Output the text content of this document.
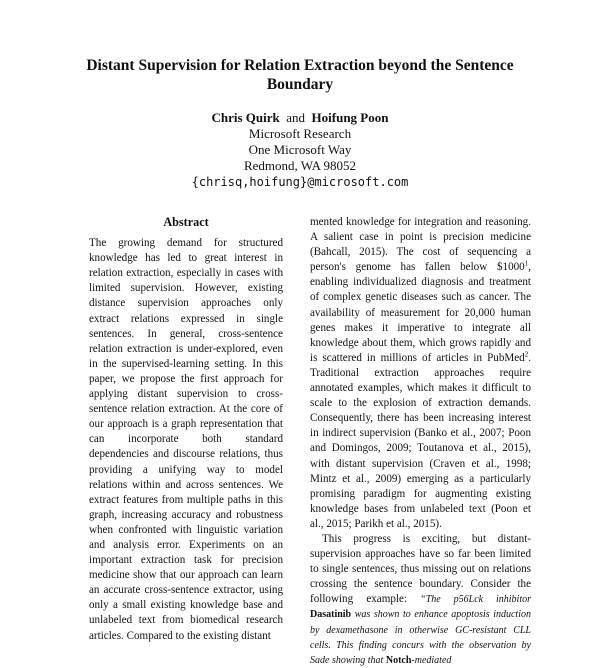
Distant Supervision for Relation Extraction beyond the Sentence Boundary
Chris Quirk and Hoifung Poon
Microsoft Research
One Microsoft Way
Redmond, WA 98052
{chrisq,hoifung}@microsoft.com
Abstract

The growing demand for structured knowledge has led to great interest in relation extraction, especially in cases with limited supervision. However, existing distance supervision approaches only extract relations expressed in single sentences. In general, cross-sentence relation extraction is under-explored, even in the supervised-learning setting. In this paper, we propose the first approach for applying distant supervision to cross-sentence relation extraction. At the core of our approach is a graph representation that can incorporate both standard dependencies and discourse relations, thus providing a unifying way to model relations within and across sentences. We extract features from multiple paths in this graph, increasing accuracy and robustness when confronted with linguistic variation and analysis error. Experiments on an important extraction task for precision medicine show that our approach can learn an accurate cross-sentence extractor, using only a small existing knowledge base and unlabeled text from biomedical research articles. Compared to the existing distant

mented knowledge for integration and reasoning. A salient case in point is precision medicine (Bahcall, 2015). The cost of sequencing a person's genome has fallen below $1000$^1$, enabling individualized diagnosis and treatment of complex genetic diseases such as cancer. The availability of measurement for 20,000 human genes makes it imperative to integrate all knowledge about them, which grows rapidly and is scattered in millions of articles in PubMed$^2$. Traditional extraction approaches require annotated examples, which makes it difficult to scale to the explosion of extraction demands. Consequently, there has been increasing interest in indirect supervision (Banko et al., 2007; Poon and Domingos, 2009; Toutanova et al., 2015), with distant supervision (Craven et al., 1998; Mintz et al., 2009) emerging as a particularly promising paradigm for augmenting existing knowledge bases from unlabeled text (Poon et al., 2015; Parikh et al., 2015).

This progress is exciting, but distant-supervision approaches have so far been limited to single sentences, thus missing out on relations crossing the sentence boundary. Consider the following example: “The p56Lck inhibitor Dasatinib was shown to enhance apoptosis induction by dexamethasone in otherwise GC-resistant CLL cells. This finding concurs with the observation by Sade showing that Notch-mediated
